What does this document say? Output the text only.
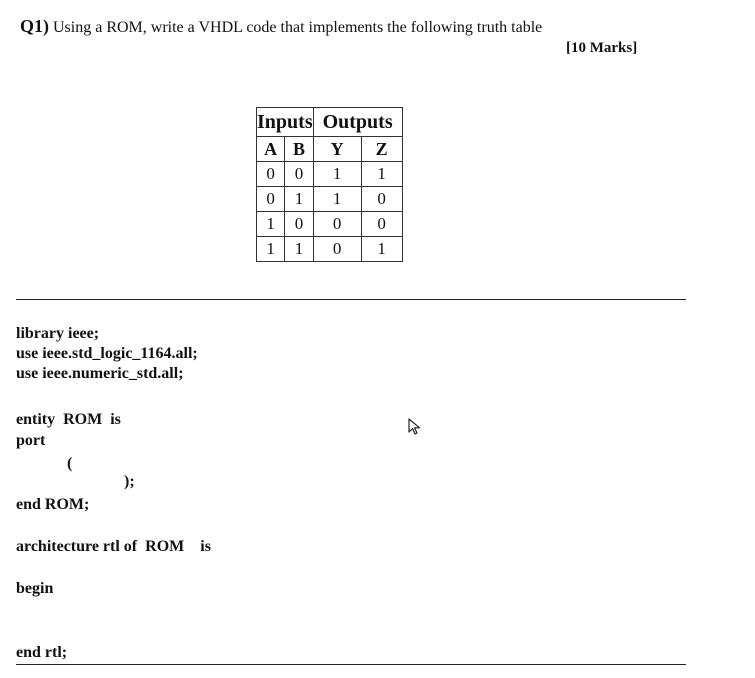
Q1) Using a ROM, write a VHDL code that implements the following truth table
[10 Marks]
Inputs		Outputs	
A	B	Y	Z
0	0	1	1
0	1	1	0
1	0	0	0
1	1	0	1
library ieee;
use ieee.std_logic_1164.all;
use ieee.numeric_std.all;
entity ROM is
port
(
);
end ROM;
architecture rtl of ROM is
begin
end rtl;
